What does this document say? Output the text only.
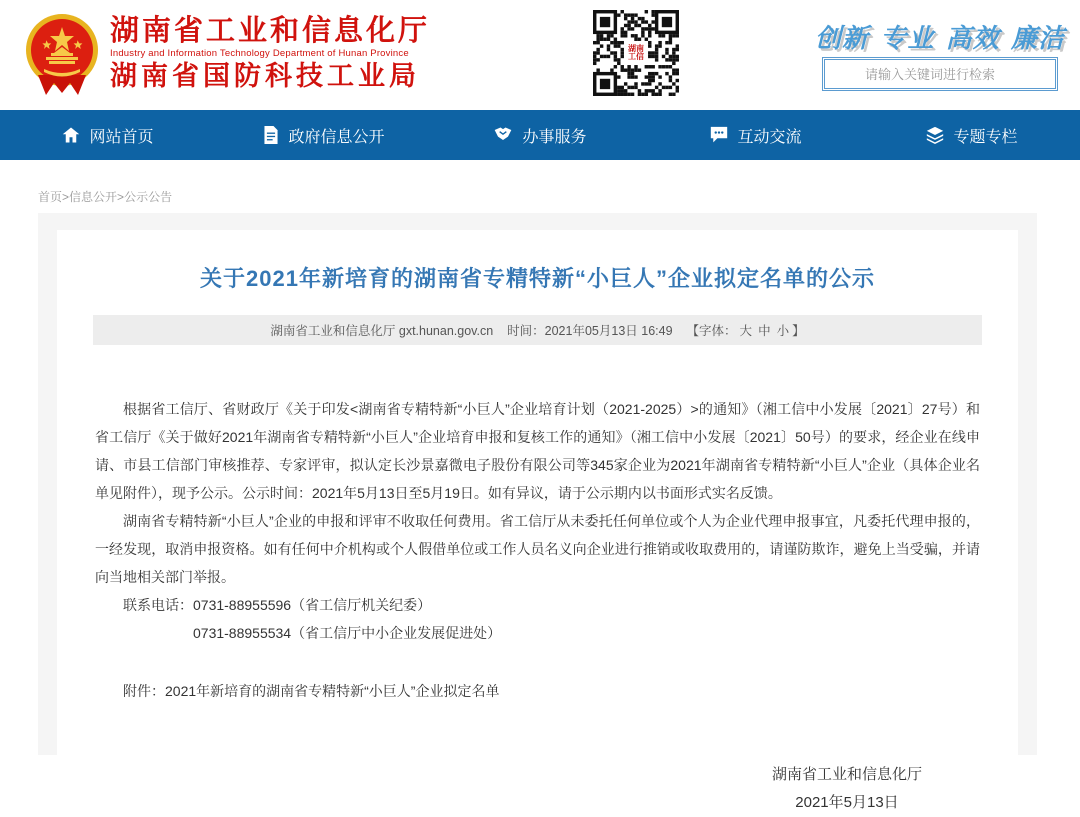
湖南省工业和信息化厅
Industry and Information Technology Department of Hunan Province
湖南省国防科技工业局
湖南
工信
创新 专业 高效 廉洁
请输入关键词进行检索
网站首页	政府信息公开	办事服务	互动交流	专题专栏
首页>信息公开>公示公告
关于2021年新培育的湖南省专精特新“小巨人”企业拟定名单的公示
湖南省工业和信息化厅 gxt.hunan.gov.cn 时间：2021年05月13日 16:49 【字体： 大 中 小 】
根据省工信厅、省财政厅《关于印发<湖南省专精特新“小巨人”企业培育计划（2021-2025）>的通知》（湘工信中小发展〔2021〕27号）和省工信厅《关于做好2021年湖南省专精特新“小巨人”企业培育申报和复核工作的通知》（湘工信中小发展〔2021〕50号）的要求，经企业在线申请、市县工信部门审核推荐、专家评审，拟认定长沙景嘉微电子股份有限公司等345家企业为2021年湖南省专精特新“小巨人”企业（具体企业名单见附件），现予公示。公示时间：2021年5月13日至5月19日。如有异议，请于公示期内以书面形式实名反馈。
湖南省专精特新“小巨人”企业的申报和评审不收取任何费用。省工信厅从未委托任何单位或个人为企业代理申报事宜，凡委托代理申报的，一经发现，取消申报资格。如有任何中介机构或个人假借单位或工作人员名义向企业进行推销或收取费用的，请谨防欺诈，避免上当受骗，并请向当地相关部门举报。
联系电话：0731-88955596（省工信厅机关纪委）
0731-88955534（省工信厅中小企业发展促进处）
附件：2021年新培育的湖南省专精特新“小巨人”企业拟定名单
湖南省工业和信息化厅
2021年5月13日
